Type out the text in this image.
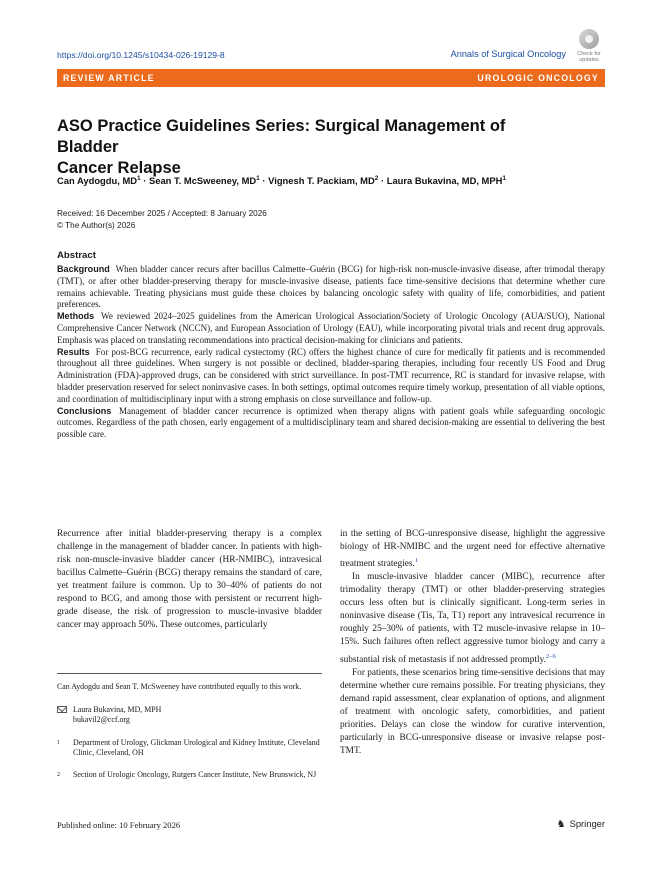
https://doi.org/10.1245/s10434-026-19129-8	Annals of Surgical Oncology	Check for
updates
REVIEW ARTICLE	UROLOGIC ONCOLOGY
ASO Practice Guidelines Series: Surgical Management of Bladder
Cancer Relapse
Can Aydogdu, $MD^1$ · Sean T. McSweeney, $MD^1$ · Vignesh T. Packiam, $MD^2$ · Laura Bukavina, MD, MPH$^1$
Received: 16 December 2025 / Accepted: 8 January 2026
© The Author(s) 2026
Abstract

Background When bladder cancer recurs after bacillus Calmette–Guérin (BCG) for high-risk non-muscle-invasive disease, after trimodal therapy (TMT), or after other bladder-preserving therapy for muscle-invasive disease, patients face time-sensitive decisions that determine whether cure remains achievable. Treating physicians must guide these choices by balancing oncologic safety with quality of life, comorbidities, and patient preferences.

Methods We reviewed 2024–2025 guidelines from the American Urological Association/Society of Urologic Oncology (AUA/SUO), National Comprehensive Cancer Network (NCCN), and European Association of Urology (EAU), while incorporating pivotal trials and recent drug approvals. Emphasis was placed on translating recommendations into practical decision-making for clinicians and patients.

Results For post-BCG recurrence, early radical cystectomy (RC) offers the highest chance of cure for medically fit patients and is recommended throughout all three guidelines. When surgery is not possible or declined, bladder-sparing therapies, including four recently US Food and Drug Administration (FDA)-approved drugs, can be considered with strict surveillance. In post-TMT recurrence, RC is standard for invasive relapse, with bladder preservation reserved for select noninvasive cases. In both settings, optimal outcomes require timely workup, presentation of all viable options, and coordination of multidisciplinary input with a strong emphasis on close surveillance and follow-up.

Conclusions Management of bladder cancer recurrence is optimized when therapy aligns with patient goals while safeguarding oncologic outcomes. Regardless of the path chosen, early engagement of a multidisciplinary team and shared decision-making are essential to delivering the best possible care.

Recurrence after initial bladder-preserving therapy is a complex challenge in the management of bladder cancer. In patients with high-risk non-muscle-invasive bladder cancer (HR-NMIBC), intravesical bacillus Calmette–Guérin (BCG) therapy remains the standard of care, yet treatment failure is common. Up to 30–40% of patients do not respond to BCG, and among those with persistent or recurrent high-grade disease, the risk of progression to muscle-invasive bladder cancer may approach 50%. These outcomes, particularly

in the setting of BCG-unresponsive disease, highlight the aggressive biology of HR-NMIBC and the urgent need for effective alternative treatment strategies.$^1$

In muscle-invasive bladder cancer (MIBC), recurrence after trimodality therapy (TMT) or other bladder-preserving strategies occurs less often but is clinically significant. Long-term series in noninvasive disease (Tis, Ta, T1) report any intravesical recurrence in roughly 25–30% of patients, with T2 muscle-invasive relapse in 10–15%. Such failures often reflect aggressive tumor biology and carry a substantial risk of metastasis if not addressed promptly.$^{2-6}$

For patients, these scenarios bring time-sensitive decisions that may determine whether cure remains possible. For treating physicians, they demand rapid assessment, clear explanation of options, and alignment of treatment with oncologic safety, comorbidities, and patient priorities. Delays can close the window for curative intervention, particularly in BCG-unresponsive disease or invasive relapse post-TMT.

Can Aydogdu and Sean T. McSweeney have contributed equally to this work.
Laura Bukavina, MD, MPH
bukavil2@ccf.org
1 Department of Urology, Glickman Urological and Kidney Institute, Cleveland Clinic, Cleveland, OH
2 Section of Urologic Oncology, Rutgers Cancer Institute, New Brunswick, NJ
Published online: 10 February 2026	♞ Springer
